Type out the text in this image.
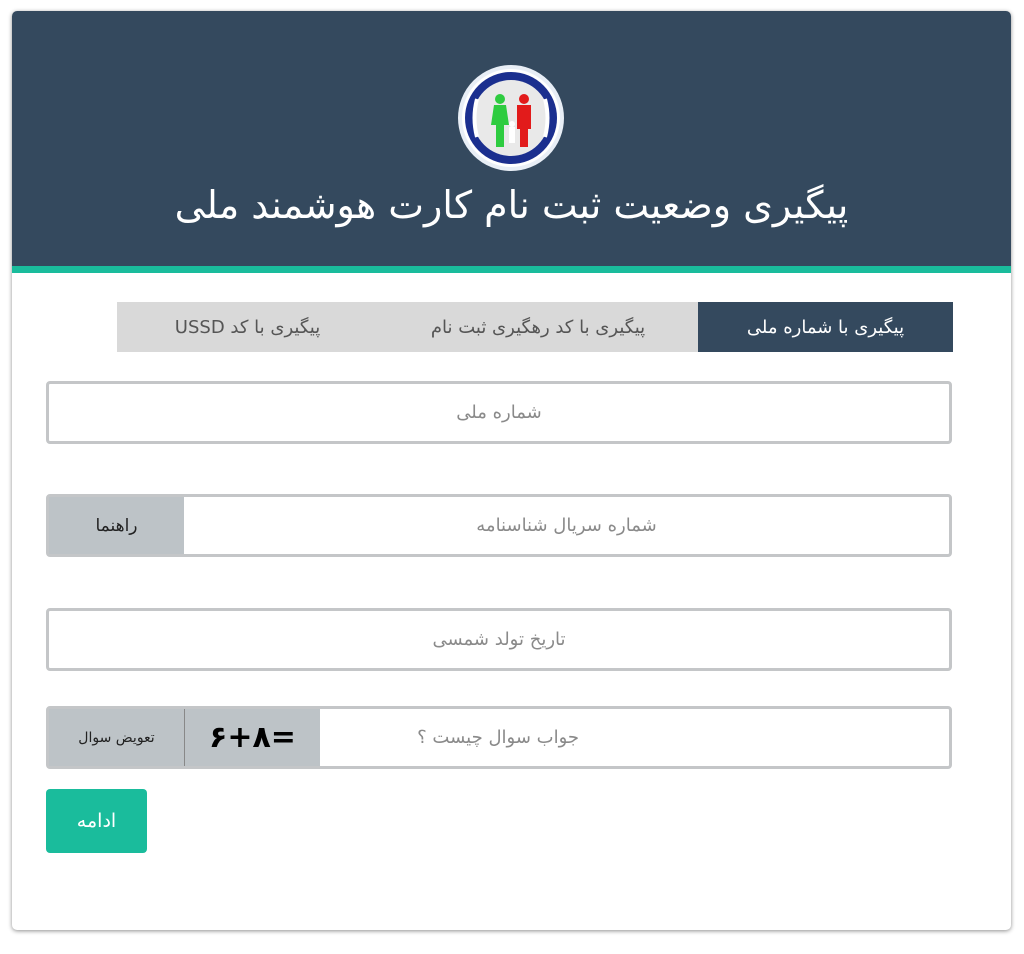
پیگیری وضعیت ثبت نام کارت هوشمند ملی
پیگیری با شماره ملی
پیگیری با کد رهگیری ثبت نام
پیگیری با کد USSD
شماره ملی
راهنما
شماره سریال شناسنامه
تاریخ تولد شمسی
تعویض سوال	۶+۸=
جواب سوال چیست ؟
ادامه
